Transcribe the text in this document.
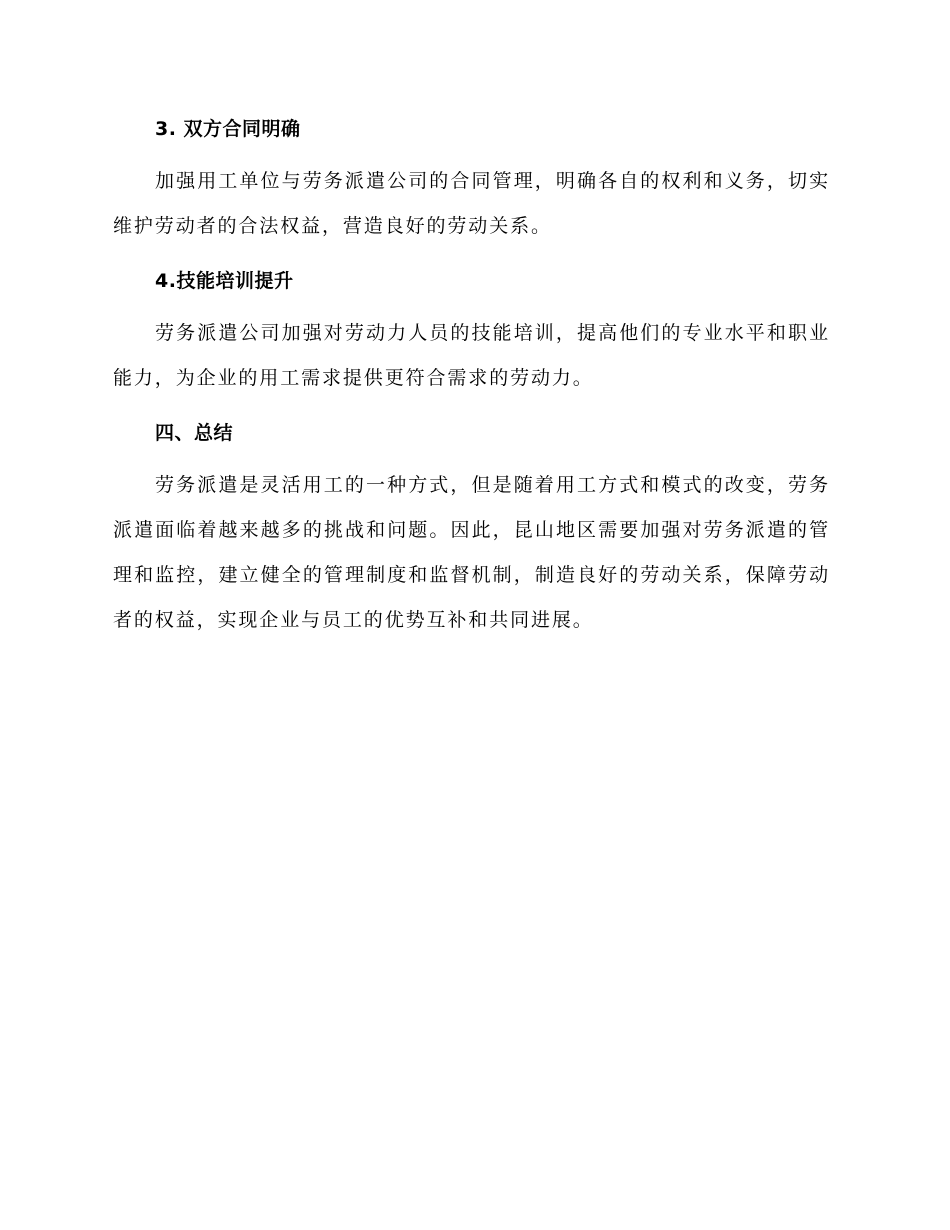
3. 双方合同明确
加强用工单位与劳务派遣公司的合同管理，明确各自的权利和义务，切实维护劳动者的合法权益，营造良好的劳动关系。
4.技能培训提升
劳务派遣公司加强对劳动力人员的技能培训，提高他们的专业水平和职业能力，为企业的用工需求提供更符合需求的劳动力。
四、总结
劳务派遣是灵活用工的一种方式，但是随着用工方式和模式的改变，劳务派遣面临着越来越多的挑战和问题。因此，昆山地区需要加强对劳务派遣的管理和监控，建立健全的管理制度和监督机制，制造良好的劳动关系，保障劳动者的权益，实现企业与员工的优势互补和共同进展。
